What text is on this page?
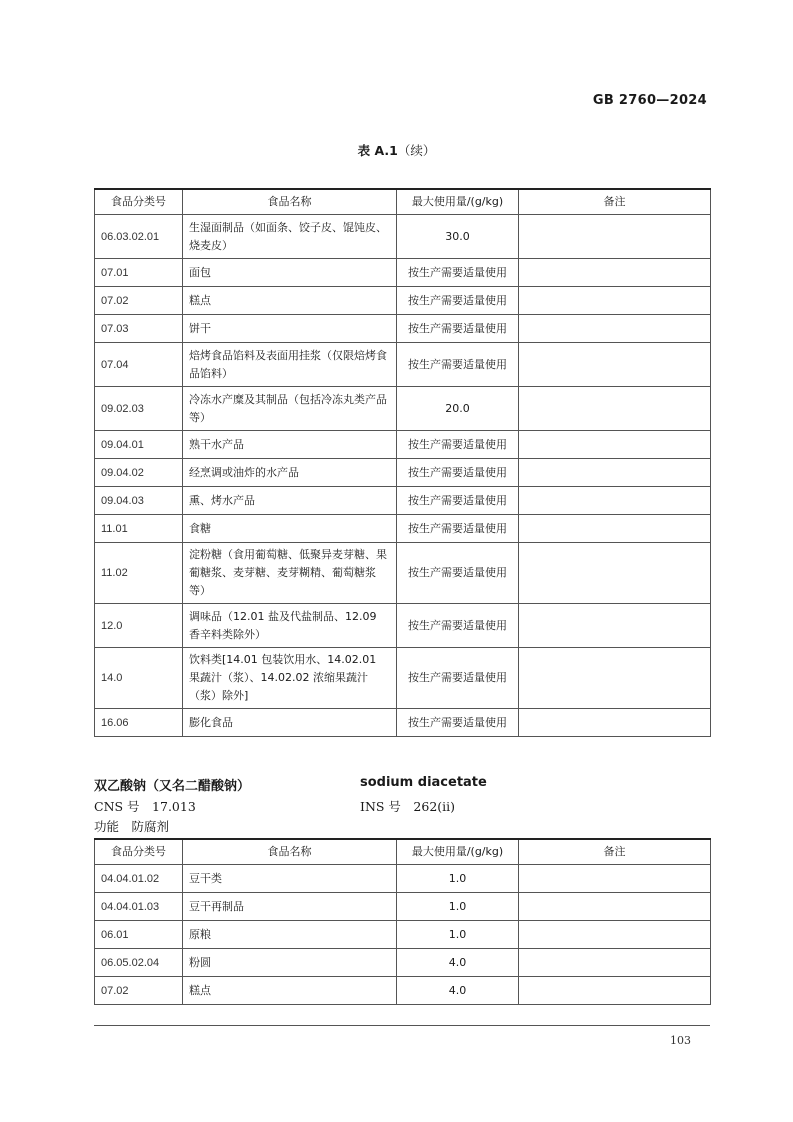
GB 2760—2024
表 A.1（续）
食品分类号	食品名称	最大使用量/(g/kg)	备注
06.03.02.01	生湿面制品（如面条、饺子皮、馄饨皮、烧麦皮）	30.0	
07.01	面包	按生产需要适量使用	
07.02	糕点	按生产需要适量使用	
07.03	饼干	按生产需要适量使用	
07.04	焙烤食品馅料及表面用挂浆（仅限焙烤食品馅料）	按生产需要适量使用	
09.02.03	冷冻水产糜及其制品（包括冷冻丸类产品等）	20.0	
09.04.01	熟干水产品	按生产需要适量使用	
09.04.02	经烹调或油炸的水产品	按生产需要适量使用	
09.04.03	熏、烤水产品	按生产需要适量使用	
11.01	食糖	按生产需要适量使用	
11.02	淀粉糖（食用葡萄糖、低聚异麦芽糖、果葡糖浆、麦芽糖、麦芽糊精、葡萄糖浆等）	按生产需要适量使用	
12.0	调味品（12.01 盐及代盐制品、12.09 香辛料类除外）	按生产需要适量使用	
14.0	饮料类[14.01 包装饮用水、14.02.01 果蔬汁（浆）、14.02.02 浓缩果蔬汁（浆）除外]	按生产需要适量使用	
16.06	膨化食品	按生产需要适量使用	
双乙酸钠（又名二醋酸钠）	sodium diacetate
CNS 号　17.013	INS 号　262(ii)
功能　防腐剂
食品分类号	食品名称	最大使用量/(g/kg)	备注
04.04.01.02	豆干类	1.0	
04.04.01.03	豆干再制品	1.0	
06.01	原粮	1.0	
06.05.02.04	粉圆	4.0	
07.02	糕点	4.0	
103
